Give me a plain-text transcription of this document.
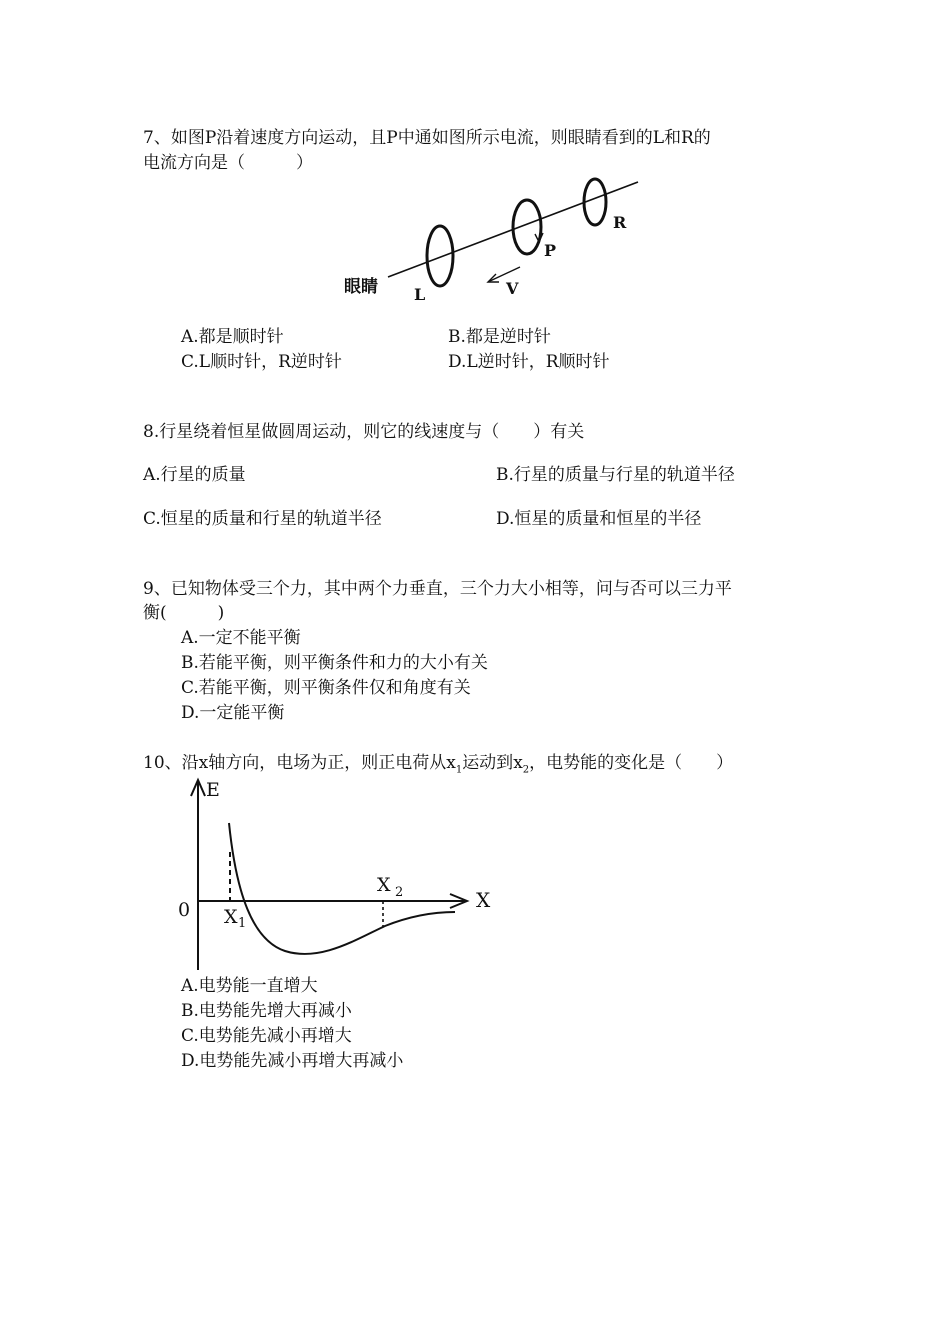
7、如图P沿着速度方向运动，且P中通如图所示电流，则眼睛看到的L和R的
电流方向是（　　　）
眼睛 L
P
R
V
A.都是顺时针	B.都是逆时针
C.L顺时针，R逆时针	D.L逆时针，R顺时针
8.行星绕着恒星做圆周运动，则它的线速度与（　　）有关
A.行星的质量	B.行星的质量与行星的轨道半径
C.恒星的质量和行星的轨道半径	D.恒星的质量和恒星的半径
9、已知物体受三个力，其中两个力垂直，三个力大小相等，问与否可以三力平
衡(　　　)
A.一定不能平衡
B.若能平衡，则平衡条件和力的大小有关
C.若能平衡，则平衡条件仅和角度有关
D.一定能平衡
10、沿x轴方向，电场为正，则正电荷从$x_1$运动到$x_2$，电势能的变化是（　　）
E
X
0 X 1
X 2
A.电势能一直增大
B.电势能先增大再减小
C.电势能先减小再增大
D.电势能先减小再增大再减小
